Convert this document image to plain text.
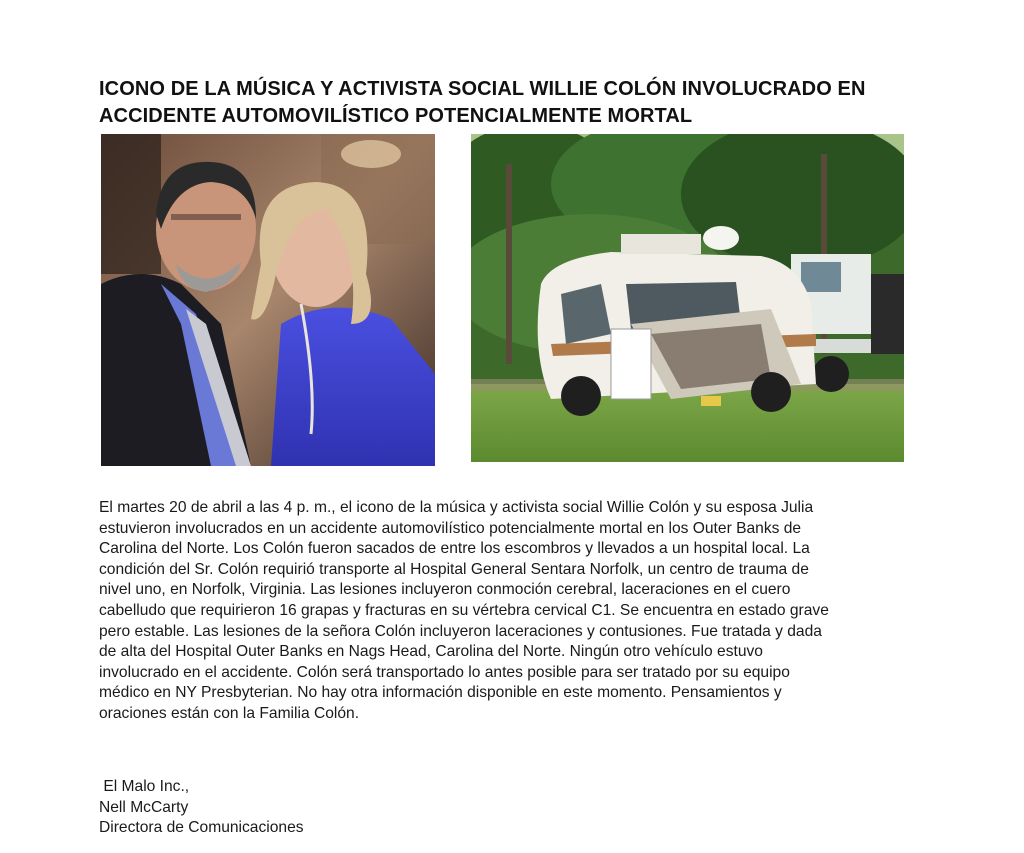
ICONO DE LA MÚSICA Y ACTIVISTA SOCIAL WILLIE COLÓN INVOLUCRADO EN
ACCIDENTE AUTOMOVILÍSTICO POTENCIALMENTE MORTAL

El martes 20 de abril a las 4 p. m., el icono de la música y activista social Willie Colón y su esposa Julia
estuvieron involucrados en un accidente automovilístico potencialmente mortal en los Outer Banks de
Carolina del Norte. Los Colón fueron sacados de entre los escombros y llevados a un hospital local. La
condición del Sr. Colón requirió transporte al Hospital General Sentara Norfolk, un centro de trauma de
nivel uno, en Norfolk, Virginia. Las lesiones incluyeron conmoción cerebral, laceraciones en el cuero
cabelludo que requirieron 16 grapas y fracturas en su vértebra cervical C1. Se encuentra en estado grave
pero estable. Las lesiones de la señora Colón incluyeron laceraciones y contusiones. Fue tratada y dada
de alta del Hospital Outer Banks en Nags Head, Carolina del Norte. Ningún otro vehículo estuvo
involucrado en el accidente. Colón será transportado lo antes posible para ser tratado por su equipo
médico en NY Presbyterian. No hay otra información disponible en este momento. Pensamientos y
oraciones están con la Familia Colón.

El Malo Inc.,
Nell McCarty
Directora de Comunicaciones
